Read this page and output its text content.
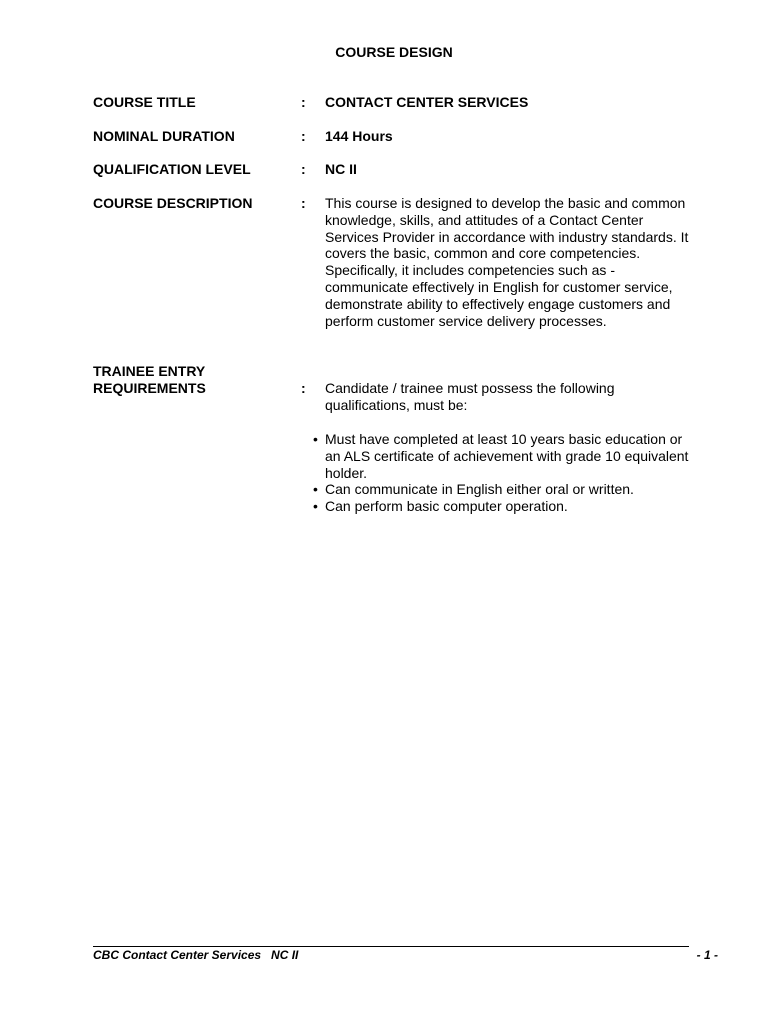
COURSE DESIGN
COURSE TITLE	: CONTACT CENTER SERVICES
NOMINAL DURATION	: 144 Hours
QUALIFICATION LEVEL	: NC II
COURSE DESCRIPTION	: This course is designed to develop the basic and common knowledge, skills, and attitudes of a Contact Center Services Provider in accordance with industry standards. It covers the basic, common and core competencies. Specifically, it includes competencies such as - communicate effectively in English for customer service, demonstrate ability to effectively engage customers and perform customer service delivery processes.
TRAINEE ENTRY
REQUIREMENTS	: Candidate / trainee must possess the following qualifications, must be:
• Must have completed at least 10 years basic education or an ALS certificate of achievement with grade 10 equivalent holder.
• Can communicate in English either oral or written.
• Can perform basic computer operation.
CBC Contact Center Services   NC II	- 1 -
